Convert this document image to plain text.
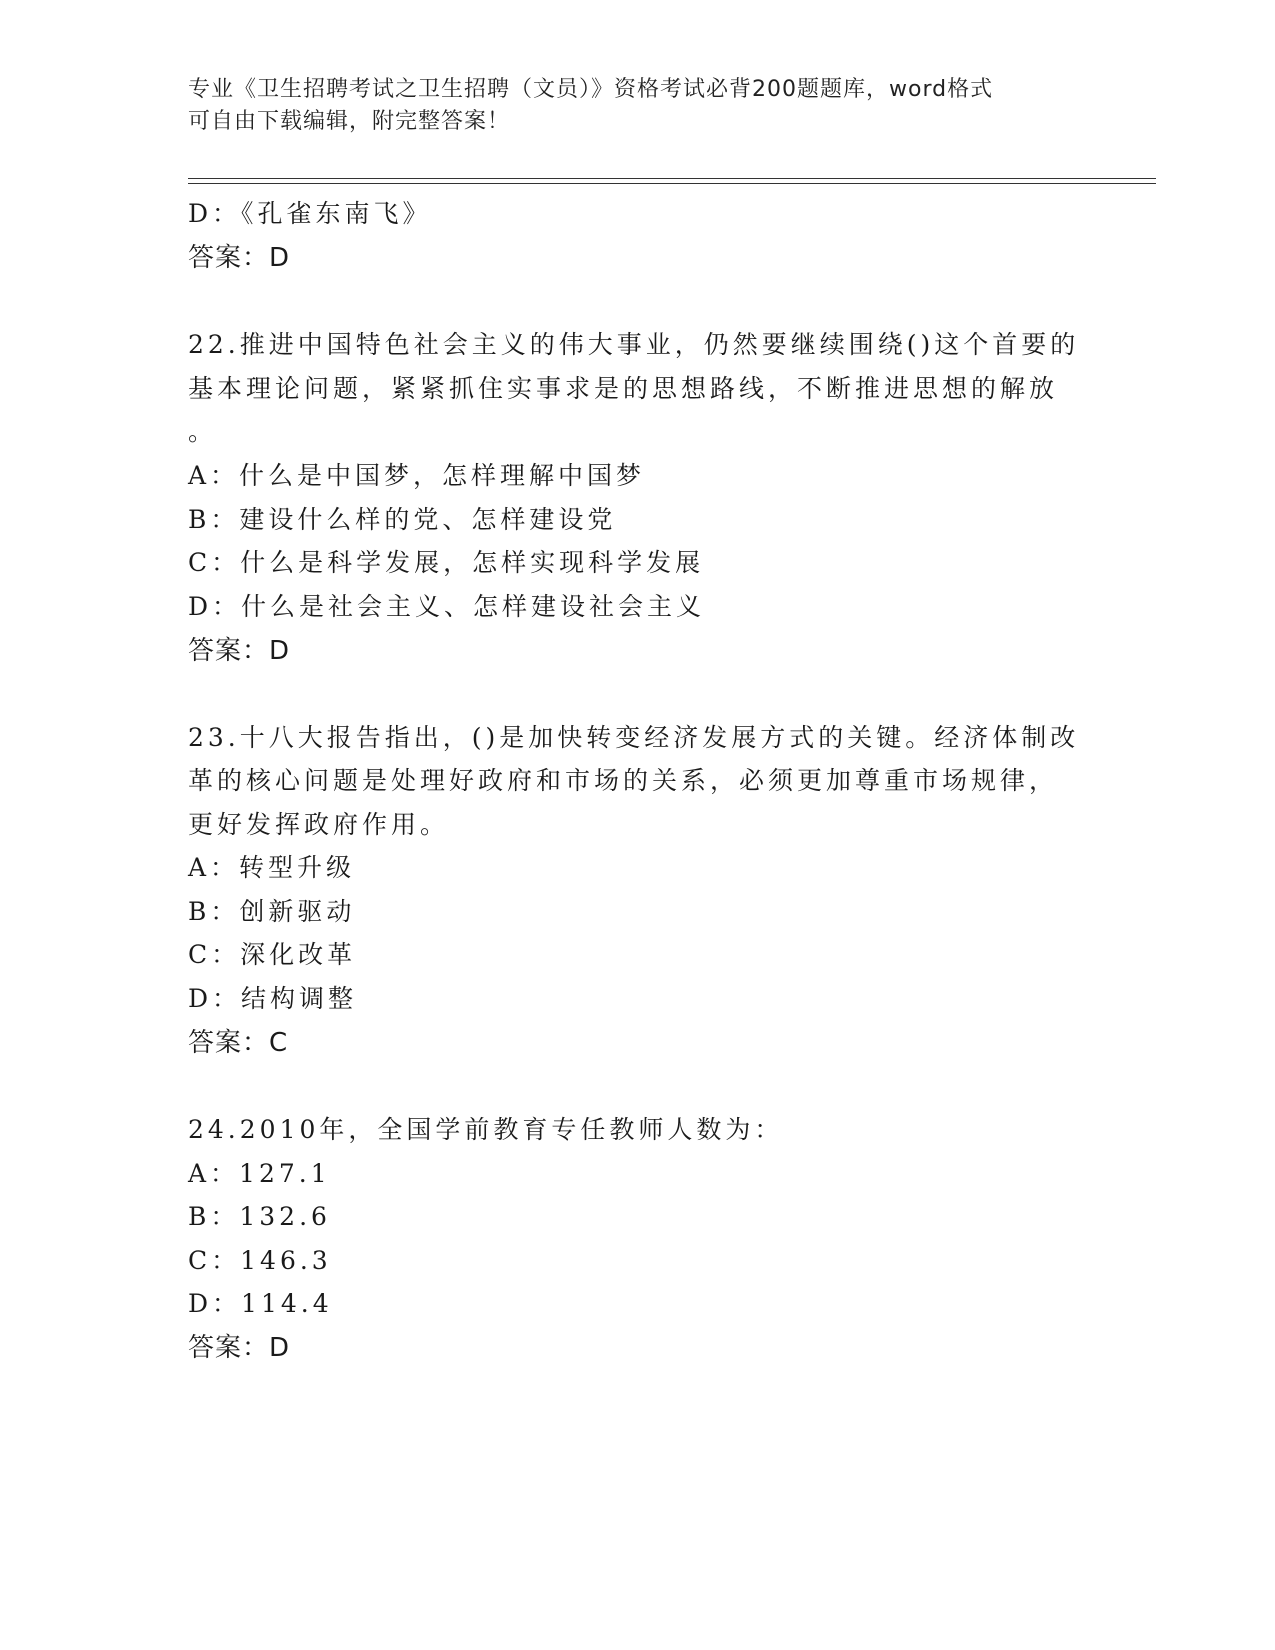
专业《卫生招聘考试之卫生招聘（文员）》资格考试必背200题题库，word格式
可自由下载编辑，附完整答案！
D：《孔雀东南飞》
答案：D
22.推进中国特色社会主义的伟大事业，仍然要继续围绕()这个首要的
基本理论问题，紧紧抓住实事求是的思想路线，不断推进思想的解放
。
A：什么是中国梦，怎样理解中国梦
B：建设什么样的党、怎样建设党
C：什么是科学发展，怎样实现科学发展
D：什么是社会主义、怎样建设社会主义
答案：D
23.十八大报告指出，()是加快转变经济发展方式的关键。经济体制改
革的核心问题是处理好政府和市场的关系，必须更加尊重市场规律，
更好发挥政府作用。
A：转型升级
B：创新驱动
C：深化改革
D：结构调整
答案：C
24.2010年，全国学前教育专任教师人数为：
A：127.1
B：132.6
C：146.3
D：114.4
答案：D
